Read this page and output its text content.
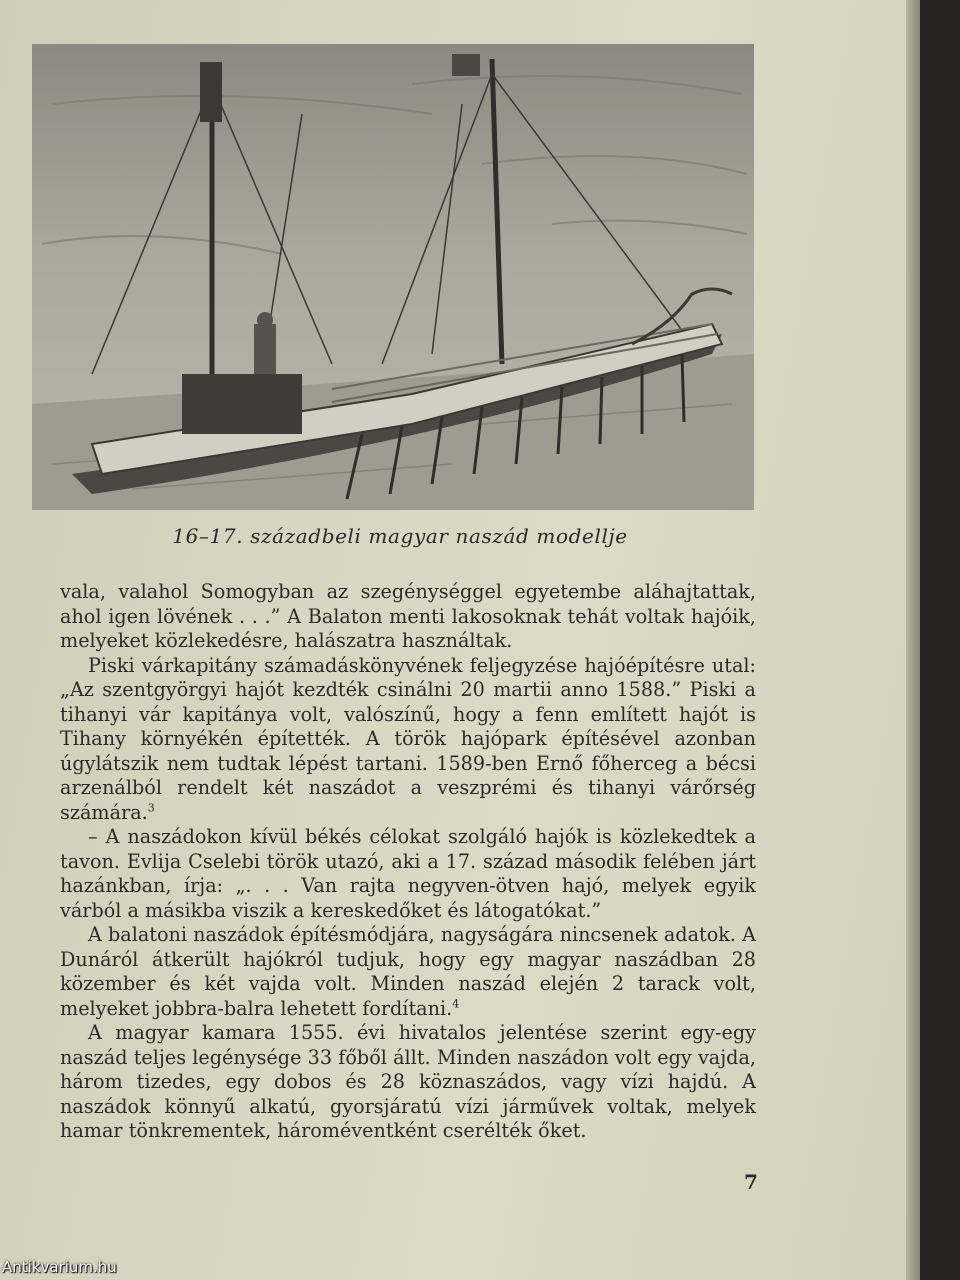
16–17. századbeli magyar naszád modellje

vala, valahol Somogyban az szegénységgel egyetembe aláhajtattak, ahol igen lövének . . .” A Balaton menti lakosoknak tehát voltak hajóik, melyeket közlekedésre, halászatra használtak.

Piski várkapitány számadáskönyvének feljegyzése hajóépítésre utal: „Az szentgyörgyi hajót kezdték csinálni 20 martii anno 1588.” Piski a tihanyi vár kapitánya volt, valószínű, hogy a fenn említett hajót is Tihany környékén építették. A török hajópark építésével azonban úgylátszik nem tudtak lépést tartani. 1589-ben Ernő főherceg a bécsi arzenálból rendelt két naszádot a veszprémi és tihanyi várőrség számára.$^3$

– A naszádokon kívül békés célokat szolgáló hajók is közlekedtek a tavon. Evlija Cselebi török utazó, aki a 17. század második felében járt hazánkban, írja: „. . . Van rajta negyven-ötven hajó, melyek egyik várból a másikba viszik a kereskedőket és látogatókat.”

A balatoni naszádok építésmódjára, nagyságára nincsenek adatok. A Dunáról átkerült hajókról tudjuk, hogy egy magyar naszádban 28 közember és két vajda volt. Minden naszád elején 2 tarack volt, melyeket jobbra-balra lehetett fordítani.$^4$

A magyar kamara 1555. évi hivatalos jelentése szerint egy-egy naszád teljes legénysége 33 főből állt. Minden naszádon volt egy vajda, három tizedes, egy dobos és 28 köznaszádos, vagy vízi hajdú. A naszádok könnyű alkatú, gyorsjáratú vízi járművek voltak, melyek hamar tönkrementek, hároméventként cserélték őket.

7
Antikvarium.hu
